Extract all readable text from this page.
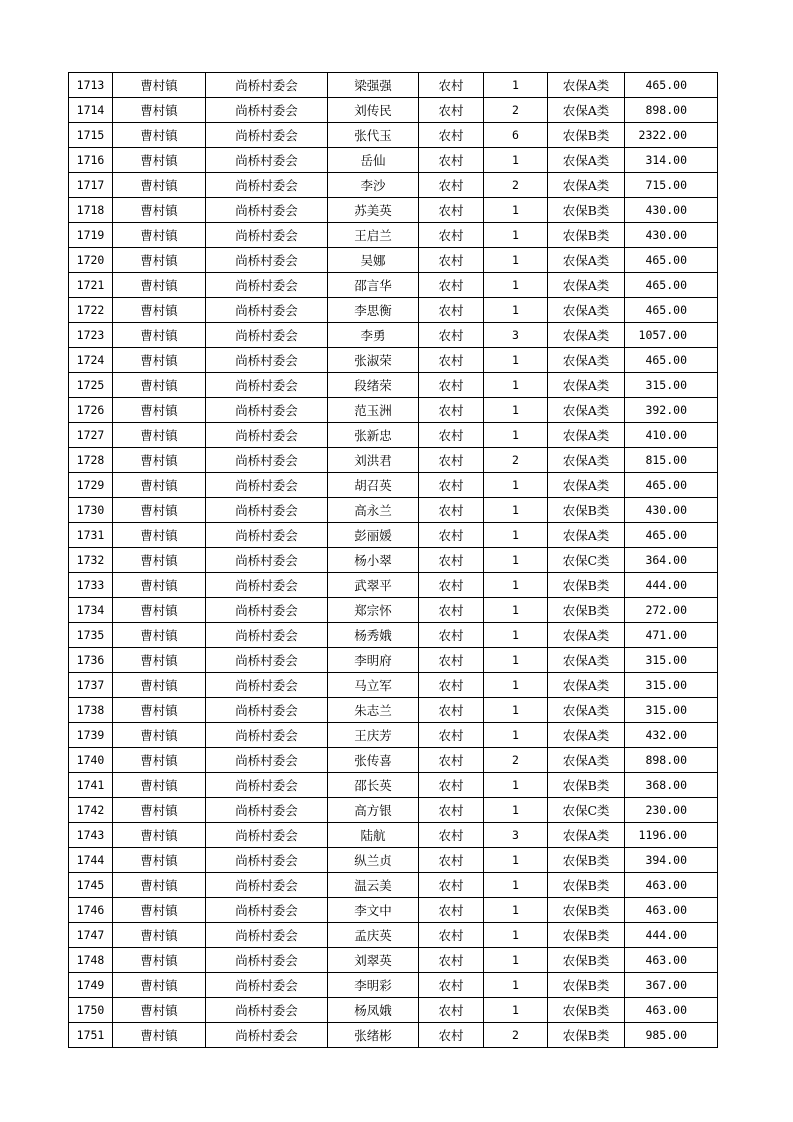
1713	曹村镇	尚桥村委会	梁强强	农村	1	农保A类	465.00
1714	曹村镇	尚桥村委会	刘传民	农村	2	农保A类	898.00
1715	曹村镇	尚桥村委会	张代玉	农村	6	农保B类	2322.00
1716	曹村镇	尚桥村委会	岳仙	农村	1	农保A类	314.00
1717	曹村镇	尚桥村委会	李沙	农村	2	农保A类	715.00
1718	曹村镇	尚桥村委会	苏美英	农村	1	农保B类	430.00
1719	曹村镇	尚桥村委会	王启兰	农村	1	农保B类	430.00
1720	曹村镇	尚桥村委会	吴娜	农村	1	农保A类	465.00
1721	曹村镇	尚桥村委会	邵言华	农村	1	农保A类	465.00
1722	曹村镇	尚桥村委会	李思衡	农村	1	农保A类	465.00
1723	曹村镇	尚桥村委会	李勇	农村	3	农保A类	1057.00
1724	曹村镇	尚桥村委会	张淑荣	农村	1	农保A类	465.00
1725	曹村镇	尚桥村委会	段绪荣	农村	1	农保A类	315.00
1726	曹村镇	尚桥村委会	范玉洲	农村	1	农保A类	392.00
1727	曹村镇	尚桥村委会	张新忠	农村	1	农保A类	410.00
1728	曹村镇	尚桥村委会	刘洪君	农村	2	农保A类	815.00
1729	曹村镇	尚桥村委会	胡召英	农村	1	农保A类	465.00
1730	曹村镇	尚桥村委会	高永兰	农村	1	农保B类	430.00
1731	曹村镇	尚桥村委会	彭丽媛	农村	1	农保A类	465.00
1732	曹村镇	尚桥村委会	杨小翠	农村	1	农保C类	364.00
1733	曹村镇	尚桥村委会	武翠平	农村	1	农保B类	444.00
1734	曹村镇	尚桥村委会	郑宗怀	农村	1	农保B类	272.00
1735	曹村镇	尚桥村委会	杨秀娥	农村	1	农保A类	471.00
1736	曹村镇	尚桥村委会	李明府	农村	1	农保A类	315.00
1737	曹村镇	尚桥村委会	马立军	农村	1	农保A类	315.00
1738	曹村镇	尚桥村委会	朱志兰	农村	1	农保A类	315.00
1739	曹村镇	尚桥村委会	王庆芳	农村	1	农保A类	432.00
1740	曹村镇	尚桥村委会	张传喜	农村	2	农保A类	898.00
1741	曹村镇	尚桥村委会	邵长英	农村	1	农保B类	368.00
1742	曹村镇	尚桥村委会	高方银	农村	1	农保C类	230.00
1743	曹村镇	尚桥村委会	陆航	农村	3	农保A类	1196.00
1744	曹村镇	尚桥村委会	纵兰贞	农村	1	农保B类	394.00
1745	曹村镇	尚桥村委会	温云美	农村	1	农保B类	463.00
1746	曹村镇	尚桥村委会	李文中	农村	1	农保B类	463.00
1747	曹村镇	尚桥村委会	孟庆英	农村	1	农保B类	444.00
1748	曹村镇	尚桥村委会	刘翠英	农村	1	农保B类	463.00
1749	曹村镇	尚桥村委会	李明彩	农村	1	农保B类	367.00
1750	曹村镇	尚桥村委会	杨凤娥	农村	1	农保B类	463.00
1751	曹村镇	尚桥村委会	张绪彬	农村	2	农保B类	985.00
